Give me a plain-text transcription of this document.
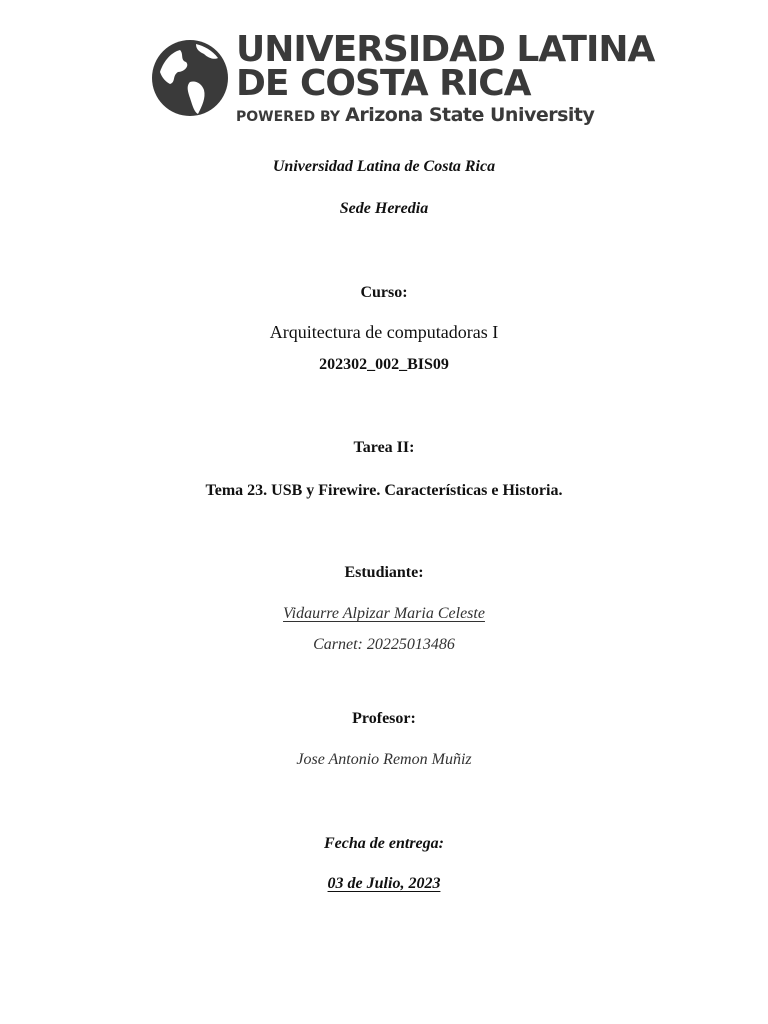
UNIVERSIDAD LATINA
DE COSTA RICA
POWERED BY Arizona State University
Universidad Latina de Costa Rica
Sede Heredia
Curso:
Arquitectura de computadoras I
202302_002_BIS09
Tarea II:
Tema 23. USB y Firewire. Características e Historia.
Estudiante:
Vidaurre Alpizar Maria Celeste
Carnet: 20225013486
Profesor:
Jose Antonio Remon Muñiz
Fecha de entrega:
03 de Julio, 2023
